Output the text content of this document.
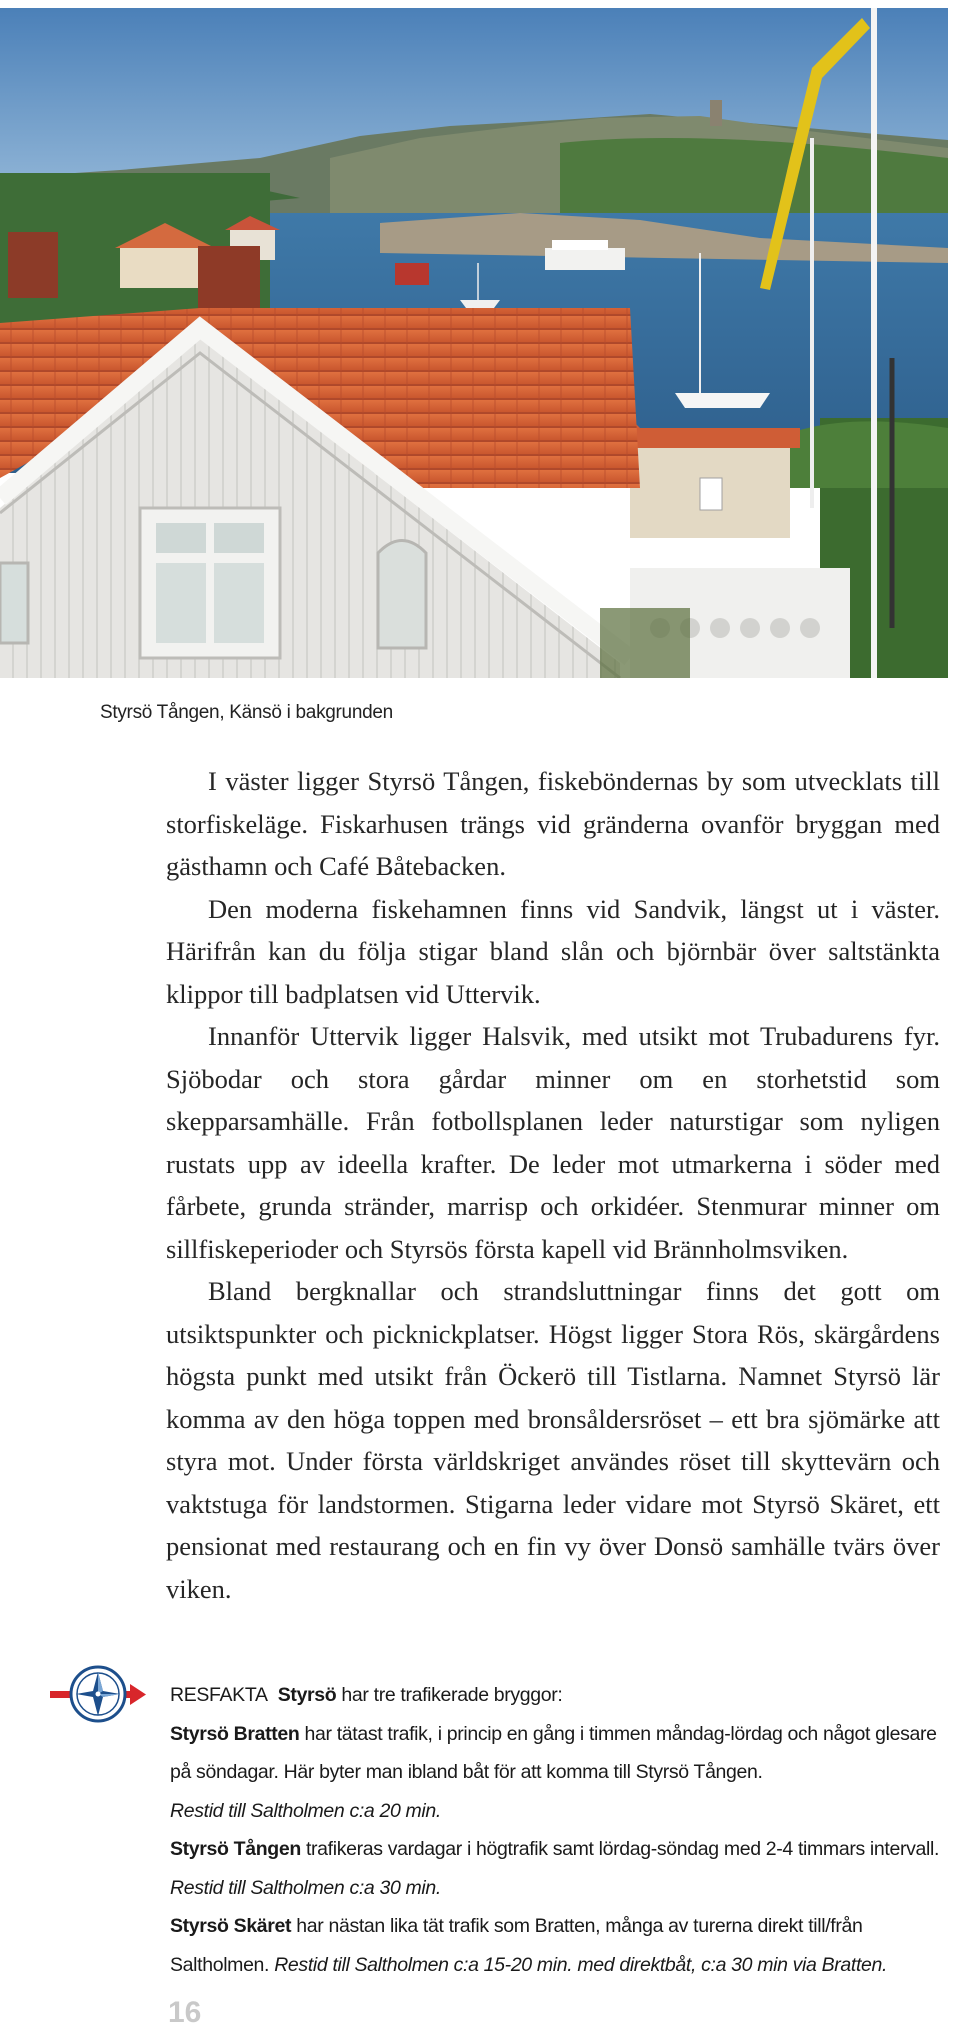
Styrsö Tången, Känsö i bakgrunden

I väster ligger Styrsö Tången, fiskeböndernas by som utvecklats till storfiskeläge. Fiskarhusen trängs vid gränderna ovanför bryggan med gästhamn och Café Båtebacken.

Den moderna fiskehamnen finns vid Sandvik, längst ut i väster. Härifrån kan du följa stigar bland slån och björnbär över saltstänkta klippor till badplatsen vid Uttervik.

Innanför Uttervik ligger Halsvik, med utsikt mot Trubadurens fyr. Sjöbodar och stora gårdar minner om en storhetstid som skepparsamhälle. Från fotbollsplanen leder naturstigar som nyligen rustats upp av ideella krafter. De leder mot utmarkerna i söder med fårbete, grunda stränder, marrisp och orkidéer. Stenmurar minner om sillfiskeperioder och Styrsös första kapell vid Brännholmsviken.

Bland bergknallar och strandsluttningar finns det gott om utsiktspunkter och picknickplatser. Högst ligger Stora Rös, skärgårdens högsta punkt med utsikt från Öckerö till Tistlarna. Namnet Styrsö lär komma av den höga toppen med bronsåldersröset – ett bra sjömärke att styra mot. Under första världskriget användes röset till skyttevärn och vaktstuga för landstormen. Stigarna leder vidare mot Styrsö Skäret, ett pensionat med restaurang och en fin vy över Donsö samhälle tvärs över viken.

RESFAKTA Styrsö har tre trafikerade bryggor:

Styrsö Bratten har tätast trafik, i princip en gång i timmen måndag-lördag och något glesare på söndagar. Här byter man ibland båt för att komma till Styrsö Tången.
Restid till Saltholmen c:a 20 min.

Styrsö Tången trafikeras vardagar i högtrafik samt lördag-söndag med 2-4 timmars intervall. Restid till Saltholmen c:a 30 min.

Styrsö Skäret har nästan lika tät trafik som Bratten, många av turerna direkt till/från Saltholmen. Restid till Saltholmen c:a 15-20 min. med direktbåt, c:a 30 min via Bratten.

16
